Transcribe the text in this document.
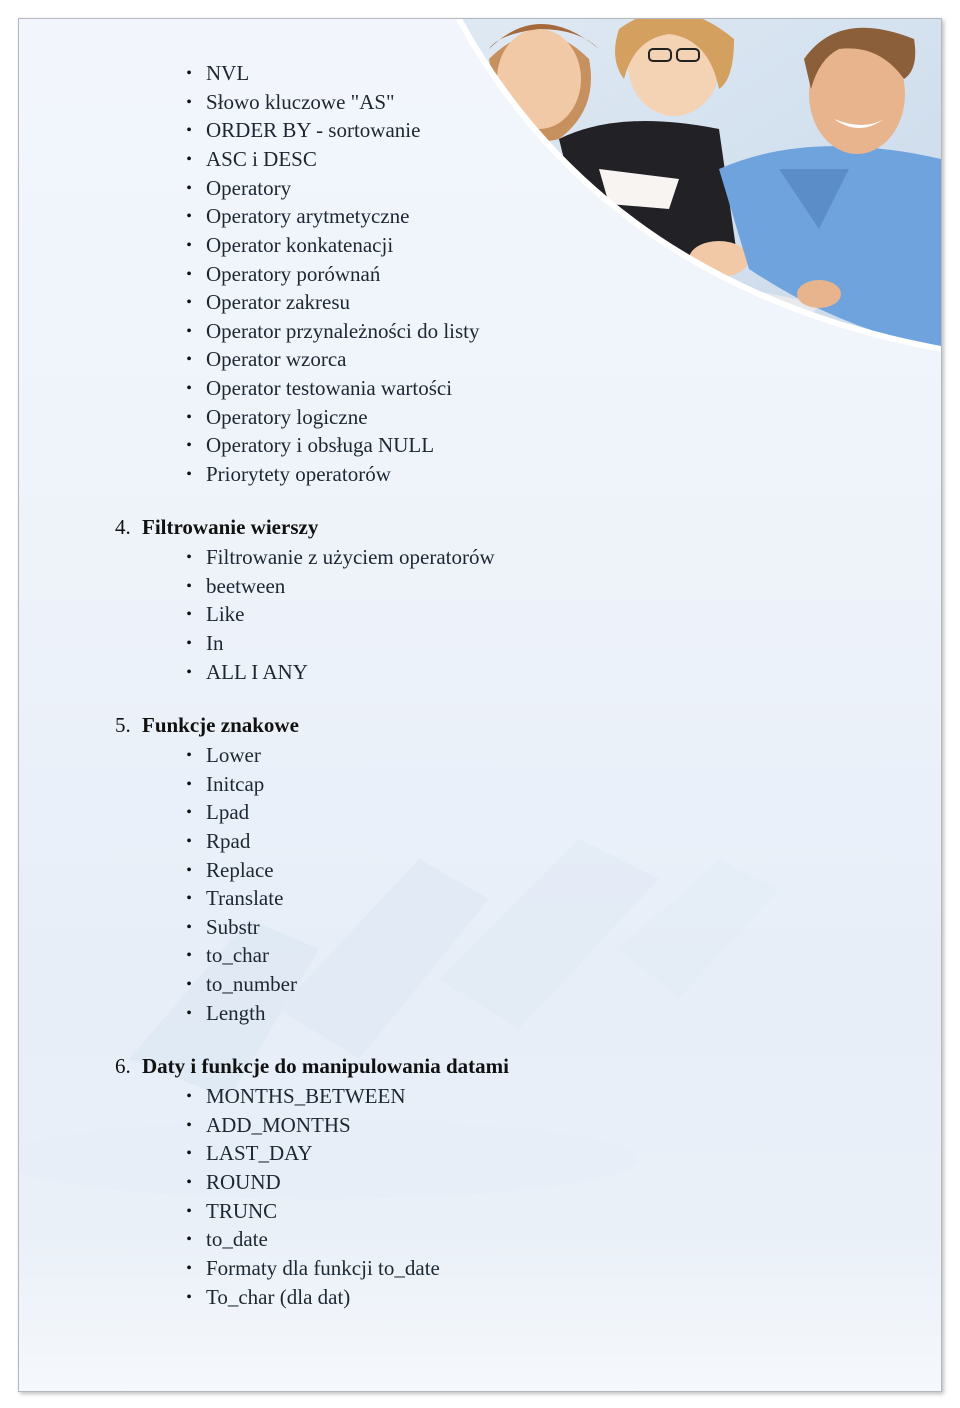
• NVL
• Słowo kluczowe "AS"
• ORDER BY - sortowanie
• ASC i DESC
• Operatory
• Operatory arytmetyczne
• Operator konkatenacji
• Operatory porównań
• Operator zakresu
• Operator przynależności do listy
• Operator wzorca
• Operator testowania wartości
• Operatory logiczne
• Operatory i obsługa NULL
• Priorytety operatorów
4. Filtrowanie wierszy
• Filtrowanie z użyciem operatorów
• beetween
• Like
• In
• ALL I ANY
5. Funkcje znakowe
• Lower
• Initcap
• Lpad
• Rpad
• Replace
• Translate
• Substr
• to_char
• to_number
• Length
6. Daty i funkcje do manipulowania datami
• MONTHS_BETWEEN
• ADD_MONTHS
• LAST_DAY
• ROUND
• TRUNC
• to_date
• Formaty dla funkcji to_date
• To_char (dla dat)
